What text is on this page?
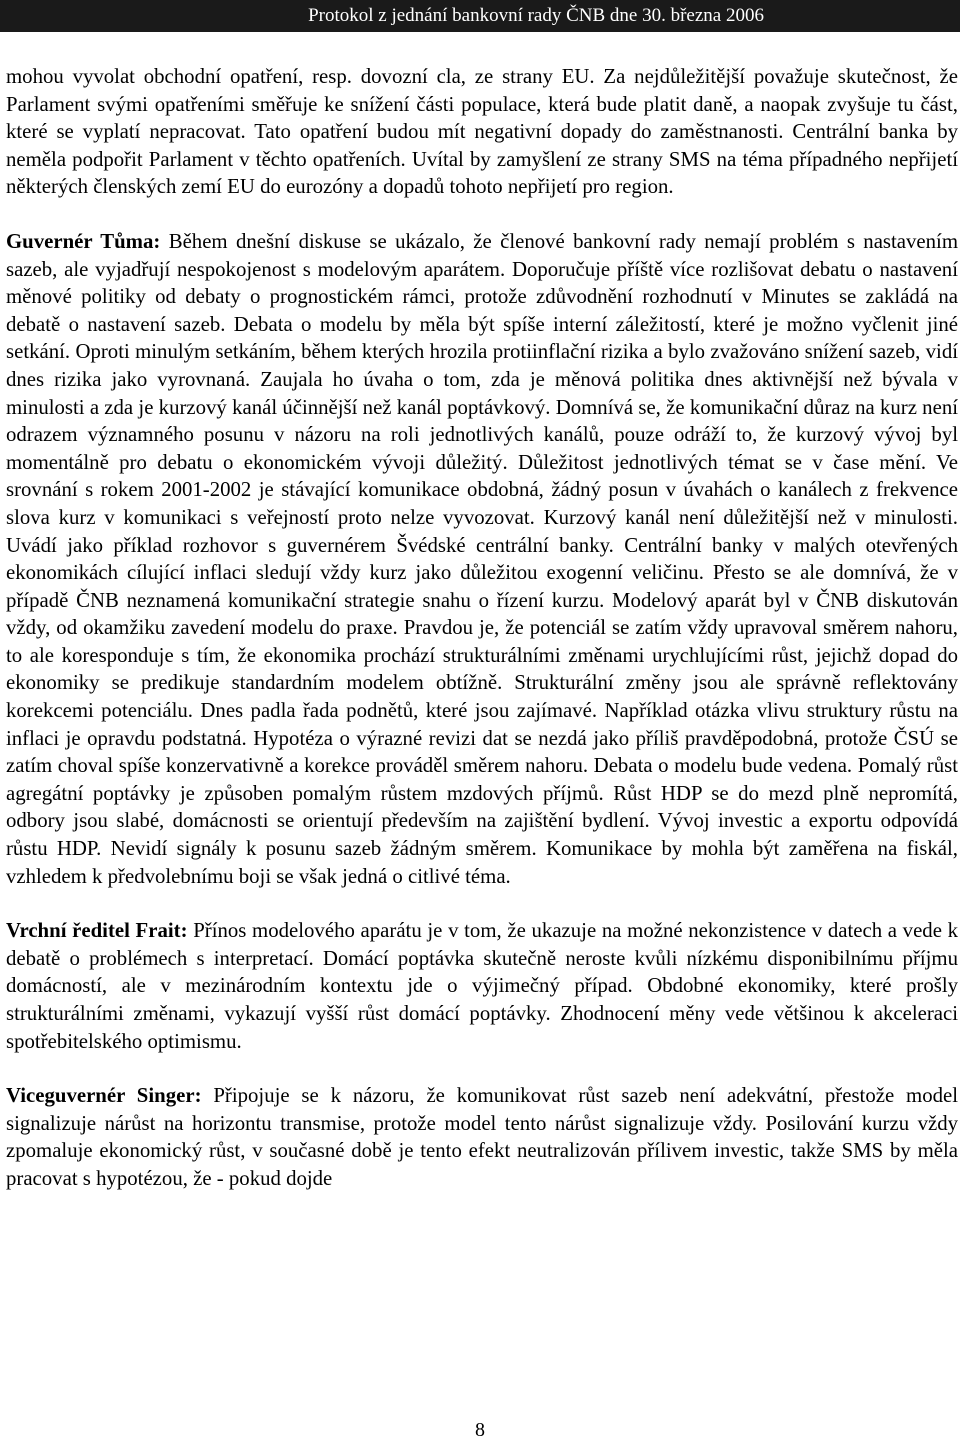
Protokol z jednání bankovní rady ČNB dne 30. března 2006

mohou vyvolat obchodní opatření, resp. dovozní cla, ze strany EU. Za nejdůležitější považuje skutečnost, že Parlament svými opatřeními směřuje ke snížení části populace, která bude platit daně, a naopak zvyšuje tu část, které se vyplatí nepracovat. Tato opatření budou mít negativní dopady do zaměstnanosti. Centrální banka by neměla podpořit Parlament v těchto opatřeních. Uvítal by zamyšlení ze strany SMS na téma případného nepřijetí některých členských zemí EU do eurozóny a dopadů tohoto nepřijetí pro region.

Guvernér Tůma: Během dnešní diskuse se ukázalo, že členové bankovní rady nemají problém s nastavením sazeb, ale vyjadřují nespokojenost s modelovým aparátem. Doporučuje příště více rozlišovat debatu o nastavení měnové politiky od debaty o prognostickém rámci, protože zdůvodnění rozhodnutí v Minutes se zakládá na debatě o nastavení sazeb. Debata o modelu by měla být spíše interní záležitostí, které je možno vyčlenit jiné setkání. Oproti minulým setkáním, během kterých hrozila protiinflační rizika a bylo zvažováno snížení sazeb, vidí dnes rizika jako vyrovnaná. Zaujala ho úvaha o tom, zda je měnová politika dnes aktivnější než bývala v minulosti a zda je kurzový kanál účinnější než kanál poptávkový. Domnívá se, že komunikační důraz na kurz není odrazem významného posunu v názoru na roli jednotlivých kanálů, pouze odráží to, že kurzový vývoj byl momentálně pro debatu o ekonomickém vývoji důležitý. Důležitost jednotlivých témat se v čase mění. Ve srovnání s rokem 2001-2002 je stávající komunikace obdobná, žádný posun v úvahách o kanálech z frekvence slova kurz v komunikaci s veřejností proto nelze vyvozovat. Kurzový kanál není důležitější než v minulosti. Uvádí jako příklad rozhovor s guvernérem Švédské centrální banky. Centrální banky v malých otevřených ekonomikách cílující inflaci sledují vždy kurz jako důležitou exogenní veličinu. Přesto se ale domnívá, že v případě ČNB neznamená komunikační strategie snahu o řízení kurzu. Modelový aparát byl v ČNB diskutován vždy, od okamžiku zavedení modelu do praxe. Pravdou je, že potenciál se zatím vždy upravoval směrem nahoru, to ale koresponduje s tím, že ekonomika prochází strukturálními změnami urychlujícími růst, jejichž dopad do ekonomiky se predikuje standardním modelem obtížně. Strukturální změny jsou ale správně reflektovány korekcemi potenciálu. Dnes padla řada podnětů, které jsou zajímavé. Například otázka vlivu struktury růstu na inflaci je opravdu podstatná. Hypotéza o výrazné revizi dat se nezdá jako příliš pravděpodobná, protože ČSÚ se zatím choval spíše konzervativně a korekce prováděl směrem nahoru. Debata o modelu bude vedena. Pomalý růst agregátní poptávky je způsoben pomalým růstem mzdových příjmů. Růst HDP se do mezd plně nepromítá, odbory jsou slabé, domácnosti se orientují především na zajištění bydlení. Vývoj investic a exportu odpovídá růstu HDP. Nevidí signály k posunu sazeb žádným směrem. Komunikace by mohla být zaměřena na fiskál, vzhledem k předvolebnímu boji se však jedná o citlivé téma.

Vrchní ředitel Frait: Přínos modelového aparátu je v tom, že ukazuje na možné nekonzistence v datech a vede k debatě o problémech s interpretací. Domácí poptávka skutečně neroste kvůli nízkému disponibilnímu příjmu domácností, ale v mezinárodním kontextu jde o výjimečný případ. Obdobné ekonomiky, které prošly strukturálními změnami, vykazují vyšší růst domácí poptávky. Zhodnocení měny vede většinou k akceleraci spotřebitelského optimismu.

Viceguvernér Singer: Připojuje se k názoru, že komunikovat růst sazeb není adekvátní, přestože model signalizuje nárůst na horizontu transmise, protože model tento nárůst signalizuje vždy. Posilování kurzu vždy zpomaluje ekonomický růst, v současné době je tento efekt neutralizován přílivem investic, takže SMS by měla pracovat s hypotézou, že - pokud dojde

8
